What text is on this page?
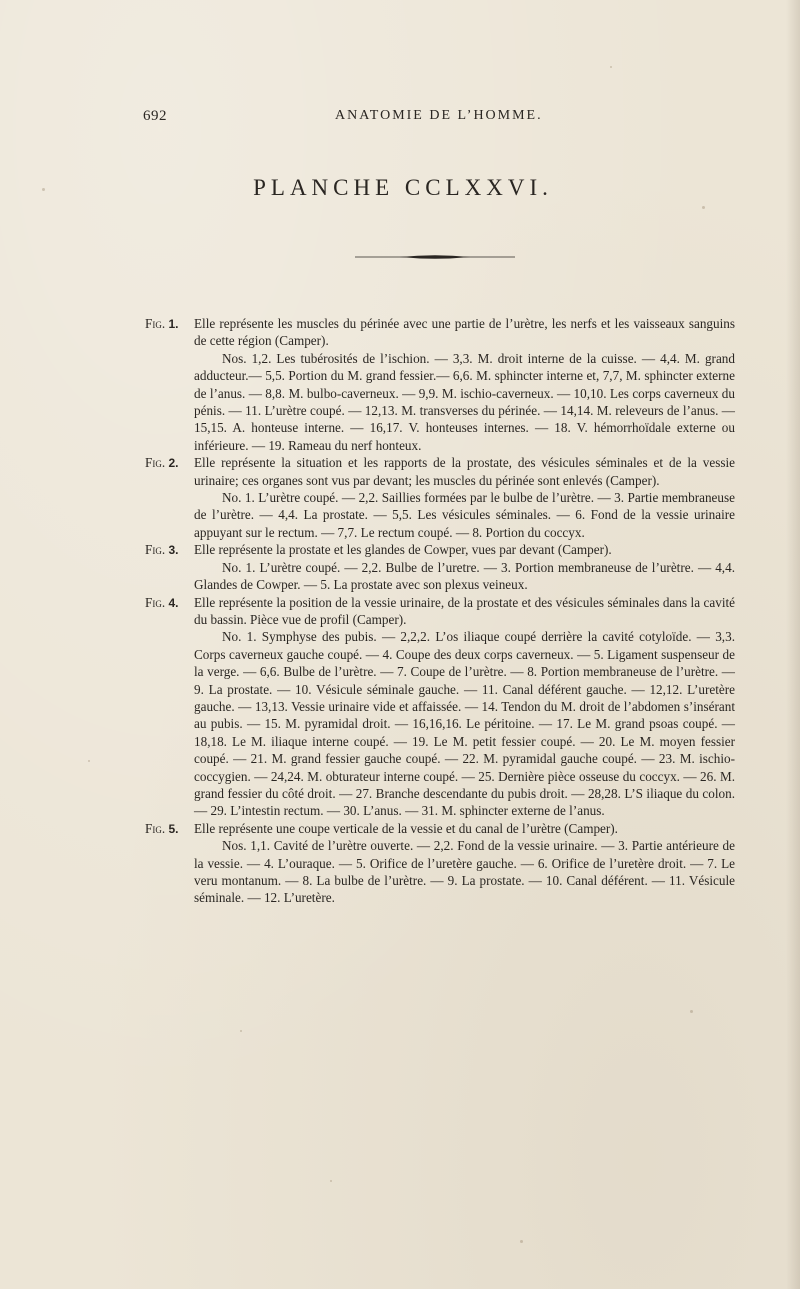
692	ANATOMIE DE L’HOMME.
PLANCHE CCLXXVI.
Fig. 1. Elle représente les muscles du périnée avec une partie de l’urètre, les nerfs et les vaisseaux sanguins de cette région (Camper).

Nos. 1,2. Les tubérosités de l’ischion. — 3,3. M. droit interne de la cuisse. — 4,4. M. grand adducteur.— 5,5. Portion du M. grand fessier.— 6,6. M. sphincter interne et, 7,7, M. sphincter externe de l’anus. — 8,8. M. bulbo-caverneux. — 9,9. M. ischio-caverneux. — 10,10. Les corps caverneux du pénis. — 11. L’urètre coupé. — 12,13. M. transverses du périnée. — 14,14. M. releveurs de l’anus. — 15,15. A. honteuse interne. — 16,17. V. honteuses internes. — 18. V. hémorrhoïdale externe ou inférieure. — 19. Rameau du nerf honteux.

Fig. 2. Elle représente la situation et les rapports de la prostate, des vésicules séminales et de la vessie urinaire; ces organes sont vus par devant; les muscles du périnée sont enlevés (Camper).

No. 1. L’urètre coupé. — 2,2. Saillies formées par le bulbe de l’urètre. — 3. Partie membraneuse de l’urètre. — 4,4. La prostate. — 5,5. Les vésicules séminales. — 6. Fond de la vessie urinaire appuyant sur le rectum. — 7,7. Le rectum coupé. — 8. Portion du coccyx.

Fig. 3. Elle représente la prostate et les glandes de Cowper, vues par devant (Camper).

No. 1. L’urètre coupé. — 2,2. Bulbe de l’uretre. — 3. Portion membraneuse de l’urètre. — 4,4. Glandes de Cowper. — 5. La prostate avec son plexus veineux.

Fig. 4. Elle représente la position de la vessie urinaire, de la prostate et des vésicules séminales dans la cavité du bassin. Pièce vue de profil (Camper).

No. 1. Symphyse des pubis. — 2,2,2. L’os iliaque coupé derrière la cavité cotyloïde. — 3,3. Corps caverneux gauche coupé. — 4. Coupe des deux corps caverneux. — 5. Ligament suspenseur de la verge. — 6,6. Bulbe de l’urètre. — 7. Coupe de l’urètre. — 8. Portion membraneuse de l’urètre. — 9. La prostate. — 10. Vésicule séminale gauche. — 11. Canal déférent gauche. — 12,12. L’uretère gauche. — 13,13. Vessie urinaire vide et affaissée. — 14. Tendon du M. droit de l’abdomen s’insérant au pubis. — 15. M. pyramidal droit. — 16,16,16. Le péritoine. — 17. Le M. grand psoas coupé. — 18,18. Le M. iliaque interne coupé. — 19. Le M. petit fessier coupé. — 20. Le M. moyen fessier coupé. — 21. M. grand fessier gauche coupé. — 22. M. pyramidal gauche coupé. — 23. M. ischio-coccygien. — 24,24. M. obturateur interne coupé. — 25. Dernière pièce osseuse du coccyx. — 26. M. grand fessier du côté droit. — 27. Branche descendante du pubis droit. — 28,28. L’S iliaque du colon. — 29. L’intestin rectum. — 30. L’anus. — 31. M. sphincter externe de l’anus.

Fig. 5. Elle représente une coupe verticale de la vessie et du canal de l’urètre (Camper).

Nos. 1,1. Cavité de l’urètre ouverte. — 2,2. Fond de la vessie urinaire. — 3. Partie antérieure de la vessie. — 4. L’ouraque. — 5. Orifice de l’uretère gauche. — 6. Orifice de l’uretère droit. — 7. Le veru montanum. — 8. La bulbe de l’urètre. — 9. La prostate. — 10. Canal déférent. — 11. Vésicule séminale. — 12. L’uretère.
